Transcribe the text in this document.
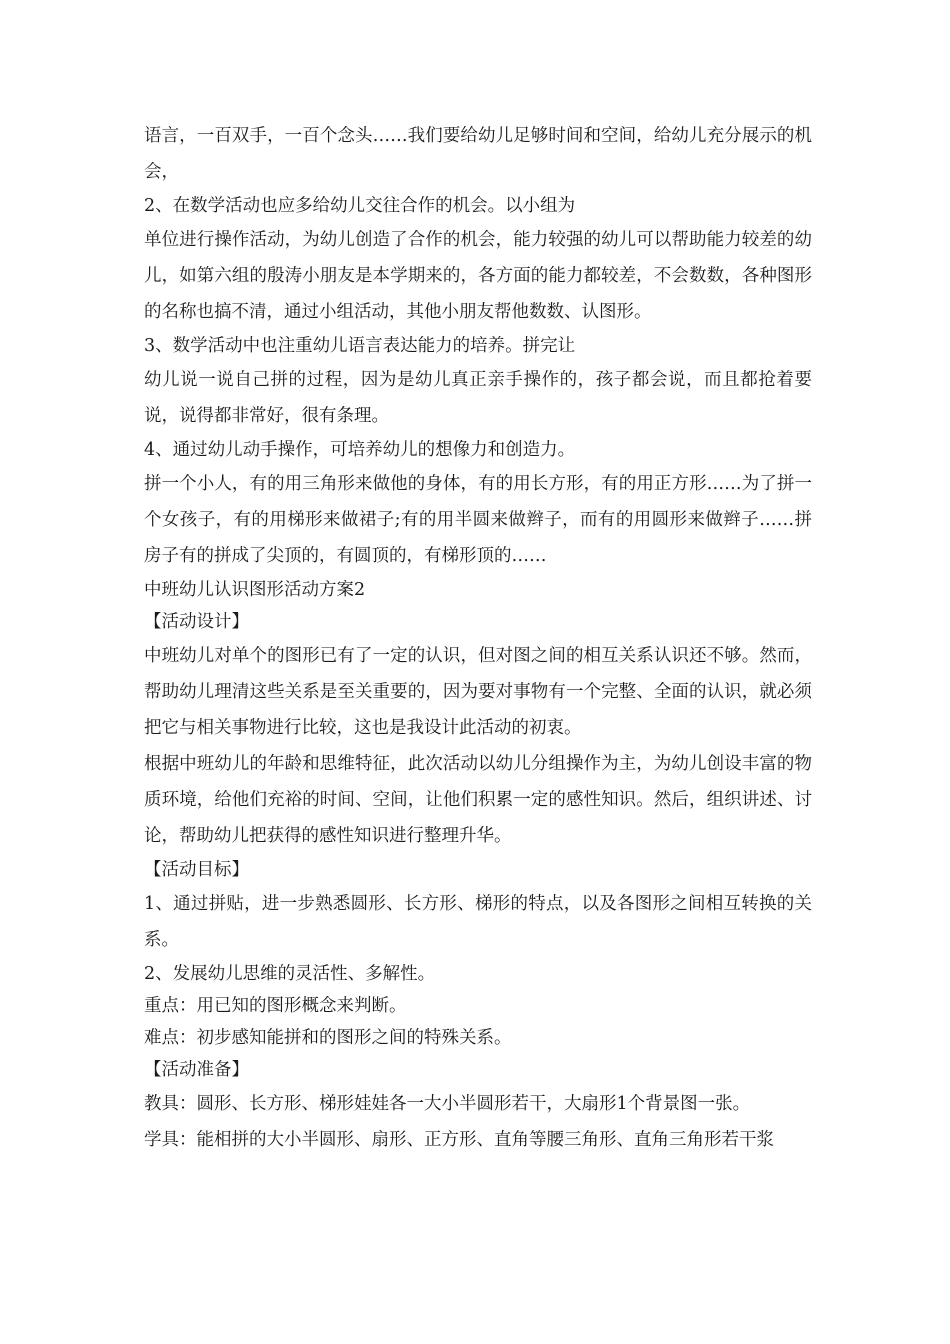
语言，一百双手，一百个念头……我们要给幼儿足够时间和空间，给幼儿充分展示的机会，

2、在数学活动也应多给幼儿交往合作的机会。以小组为

单位进行操作活动，为幼儿创造了合作的机会，能力较强的幼儿可以帮助能力较差的幼儿，如第六组的殷涛小朋友是本学期来的，各方面的能力都较差，不会数数，各种图形的名称也搞不清，通过小组活动，其他小朋友帮他数数、认图形。

3、数学活动中也注重幼儿语言表达能力的培养。拼完让

幼儿说一说自己拼的过程，因为是幼儿真正亲手操作的，孩子都会说，而且都抢着要说，说得都非常好，很有条理。

4、通过幼儿动手操作，可培养幼儿的想像力和创造力。

拼一个小人，有的用三角形来做他的身体，有的用长方形，有的用正方形……为了拼一个女孩子，有的用梯形来做裙子;有的用半圆来做辫子，而有的用圆形来做辫子……拼房子有的拼成了尖顶的，有圆顶的，有梯形顶的……

中班幼儿认识图形活动方案2

【活动设计】

中班幼儿对单个的图形已有了一定的认识，但对图之间的相互关系认识还不够。然而，帮助幼儿理清这些关系是至关重要的，因为要对事物有一个完整、全面的认识，就必须把它与相关事物进行比较，这也是我设计此活动的初衷。

根据中班幼儿的年龄和思维特征，此次活动以幼儿分组操作为主，为幼儿创设丰富的物质环境，给他们充裕的时间、空间，让他们积累一定的感性知识。然后，组织讲述、讨论，帮助幼儿把获得的感性知识进行整理升华。

【活动目标】

1、通过拼贴，进一步熟悉圆形、长方形、梯形的特点，以及各图形之间相互转换的关系。

2、发展幼儿思维的灵活性、多解性。

重点：用已知的图形概念来判断。

难点：初步感知能拼和的图形之间的特殊关系。

【活动准备】

教具：圆形、长方形、梯形娃娃各一大小半圆形若干，大扇形1个背景图一张。

学具：能相拼的大小半圆形、扇形、正方形、直角等腰三角形、直角三角形若干浆
